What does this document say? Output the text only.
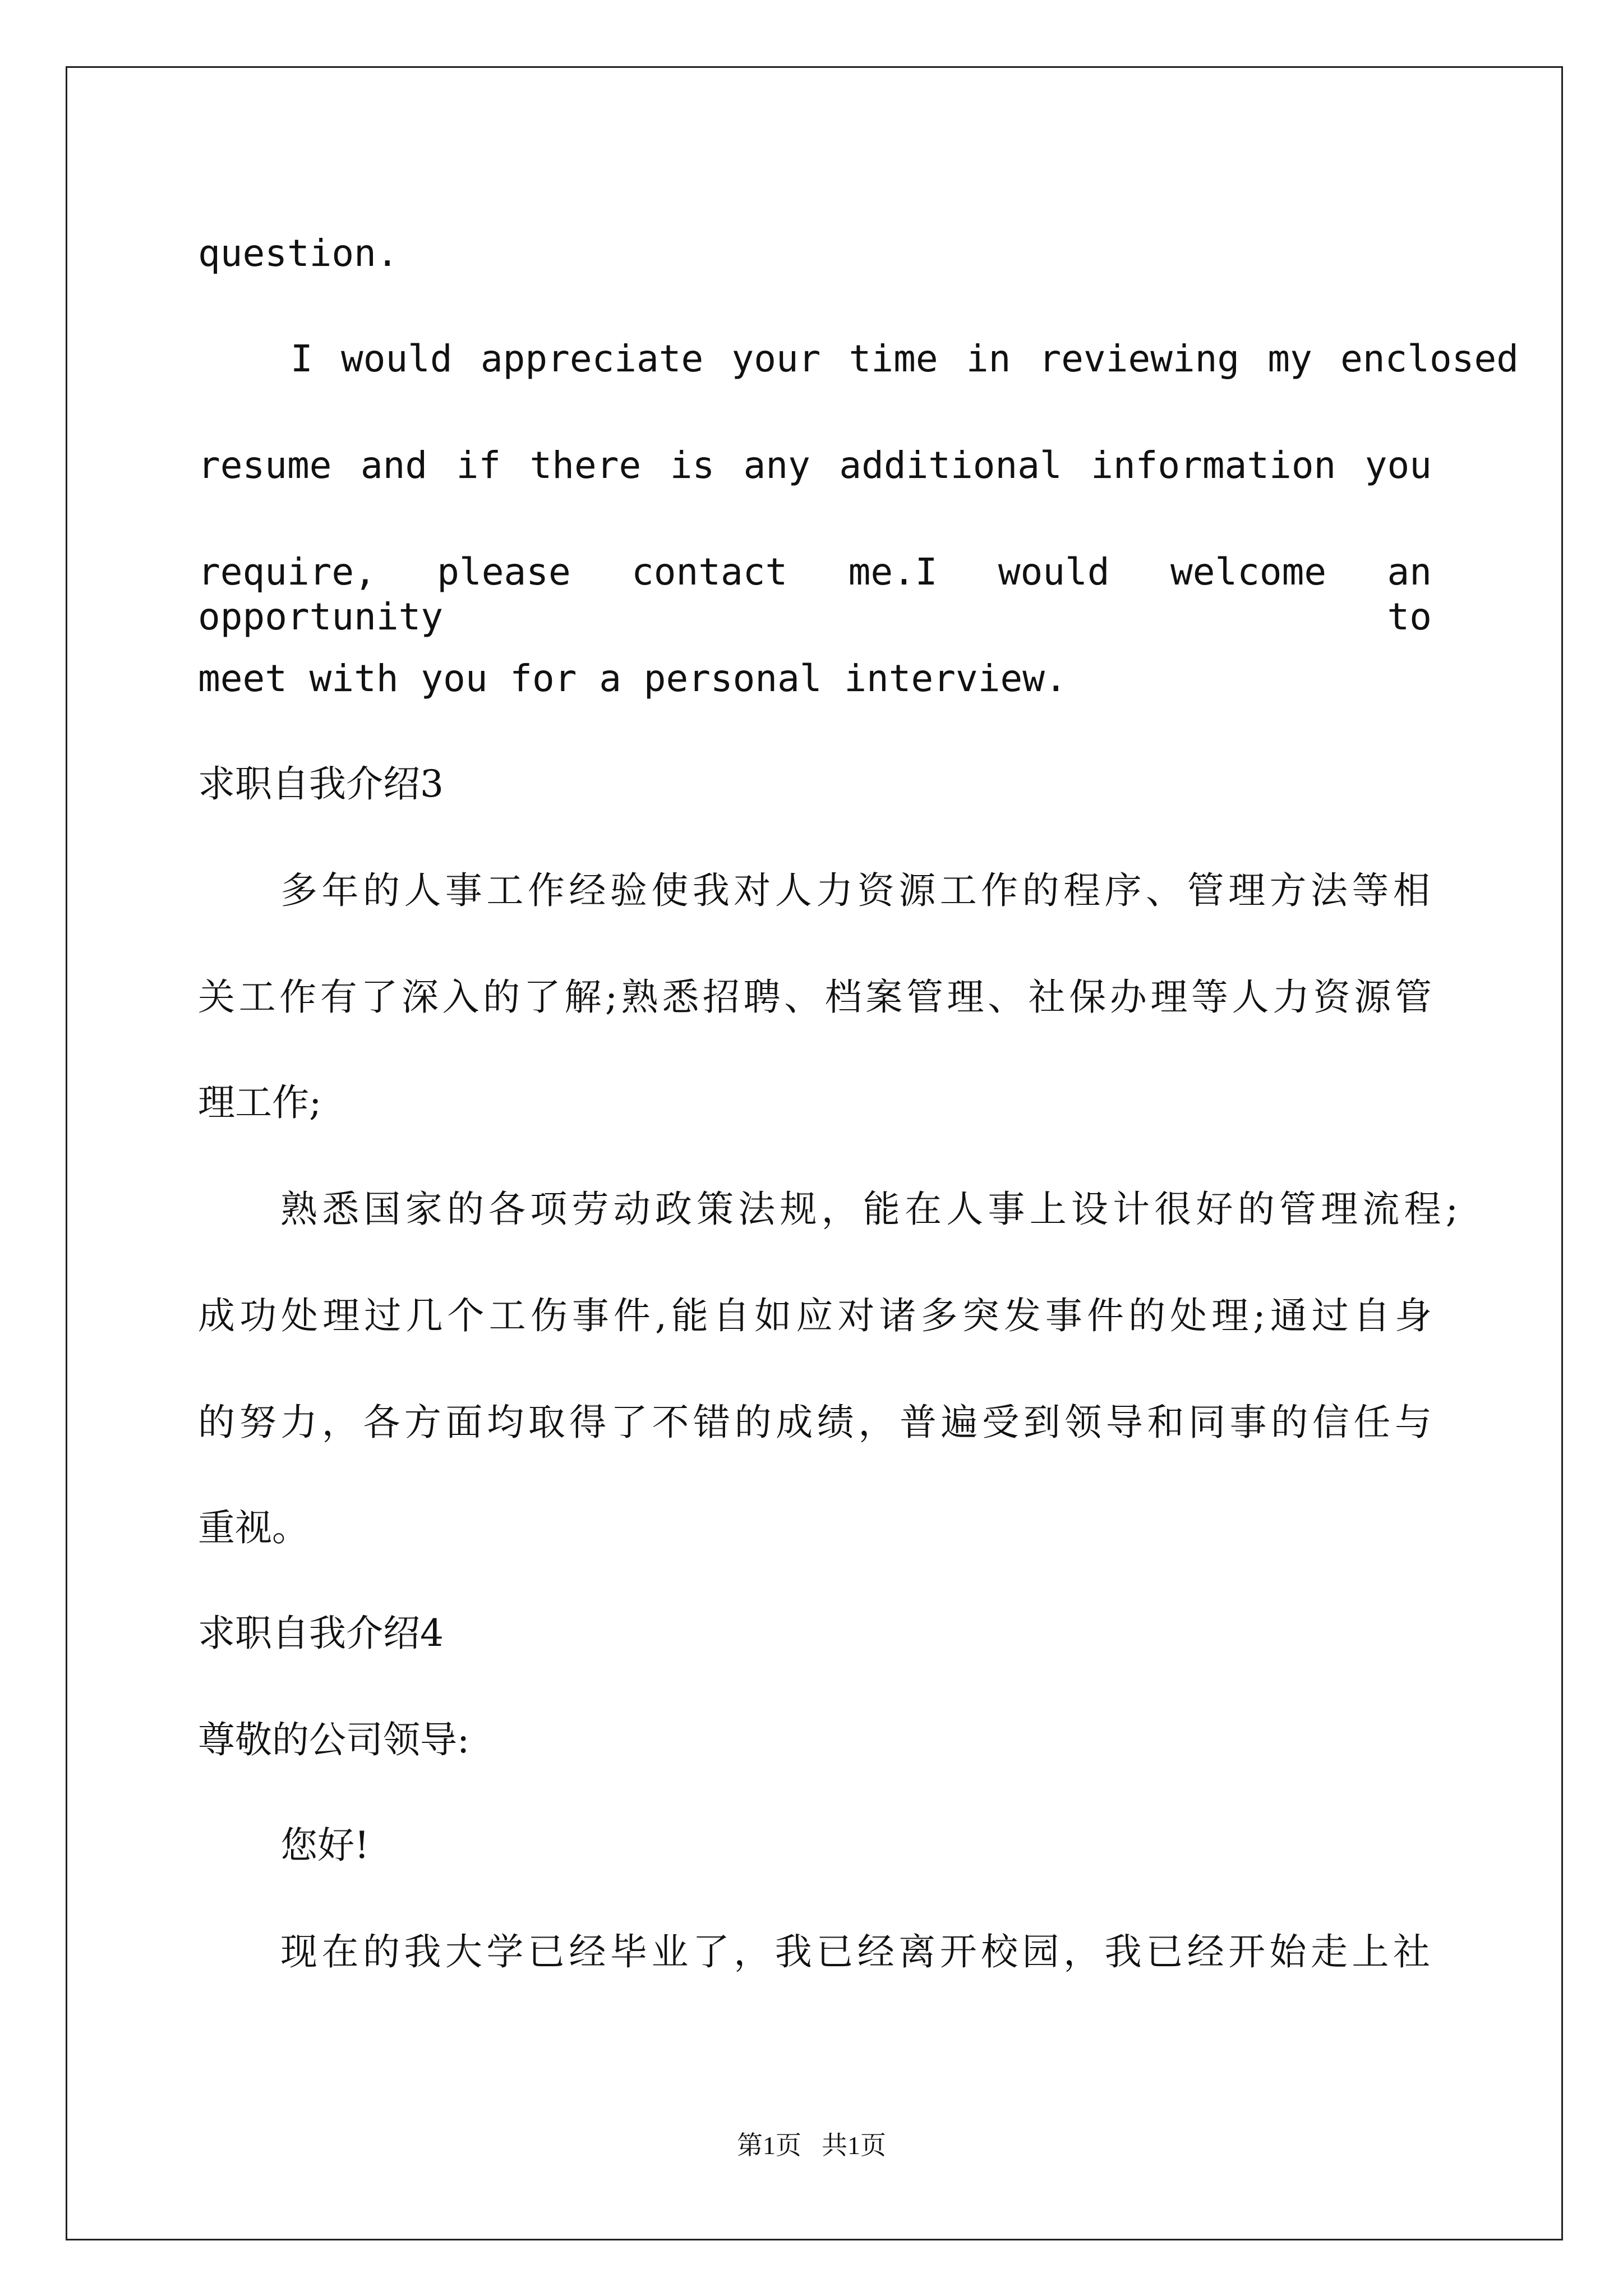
question.
I would appreciate your time in reviewing my enclosed
resume and if there is any additional information you
require, please contact me.I would welcome an opportunity to
meet with you for a personal interview.
求职自我介绍3
多年的人事工作经验使我对人力资源工作的程序、管理方法等相
关工作有了深入的了解;熟悉招聘、档案管理、社保办理等人力资源管
理工作;
熟悉国家的各项劳动政策法规，能在人事上设计很好的管理流程;
成功处理过几个工伤事件,能自如应对诸多突发事件的处理;通过自身
的努力，各方面均取得了不错的成绩，普遍受到领导和同事的信任与
重视。
求职自我介绍4
尊敬的公司领导:
您好!
现在的我大学已经毕业了，我已经离开校园，我已经开始走上社
第1页 共1页
